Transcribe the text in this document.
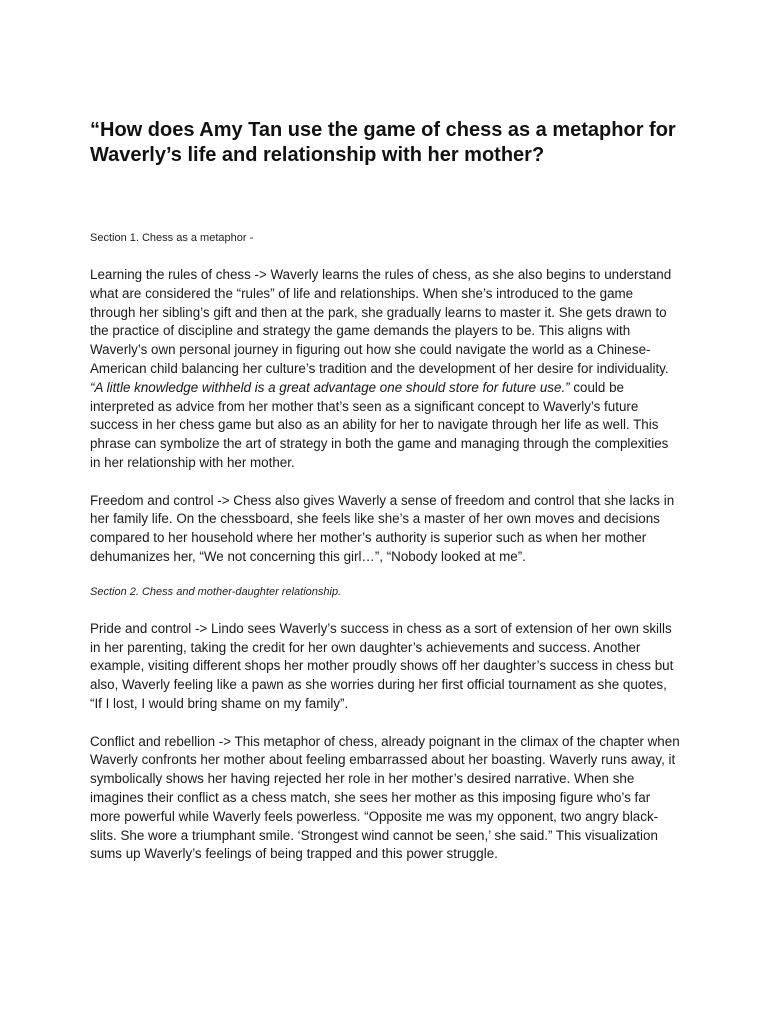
“How does Amy Tan use the game of chess as a metaphor for Waverly’s life and relationship with her mother?

Section 1. Chess as a metaphor -

Learning the rules of chess -> Waverly learns the rules of chess, as she also begins to understand what are considered the “rules” of life and relationships. When she’s introduced to the game through her sibling’s gift and then at the park, she gradually learns to master it. She gets drawn to the practice of discipline and strategy the game demands the players to be. This aligns with Waverly’s own personal journey in figuring out how she could navigate the world as a Chinese-American child balancing her culture’s tradition and the development of her desire for individuality.

“A little knowledge withheld is a great advantage one should store for future use.” could be interpreted as advice from her mother that’s seen as a significant concept to Waverly’s future success in her chess game but also as an ability for her to navigate through her life as well. This phrase can symbolize the art of strategy in both the game and managing through the complexities in her relationship with her mother.

Freedom and control -> Chess also gives Waverly a sense of freedom and control that she lacks in her family life. On the chessboard, she feels like she’s a master of her own moves and decisions compared to her household where her mother’s authority is superior such as when her mother dehumanizes her, “We not concerning this girl…”, “Nobody looked at me”.

Section 2. Chess and mother-daughter relationship.

Pride and control -> Lindo sees Waverly’s success in chess as a sort of extension of her own skills in her parenting, taking the credit for her own daughter’s achievements and success. Another example, visiting different shops her mother proudly shows off her daughter’s success in chess but also, Waverly feeling like a pawn as she worries during her first official tournament as she quotes, “If I lost, I would bring shame on my family”.

Conflict and rebellion -> This metaphor of chess, already poignant in the climax of the chapter when Waverly confronts her mother about feeling embarrassed about her boasting. Waverly runs away, it symbolically shows her having rejected her role in her mother’s desired narrative. When she imagines their conflict as a chess match, she sees her mother as this imposing figure who’s far more powerful while Waverly feels powerless. “Opposite me was my opponent, two angry black-slits. She wore a triumphant smile. ‘Strongest wind cannot be seen,’ she said.” This visualization sums up Waverly’s feelings of being trapped and this power struggle.
